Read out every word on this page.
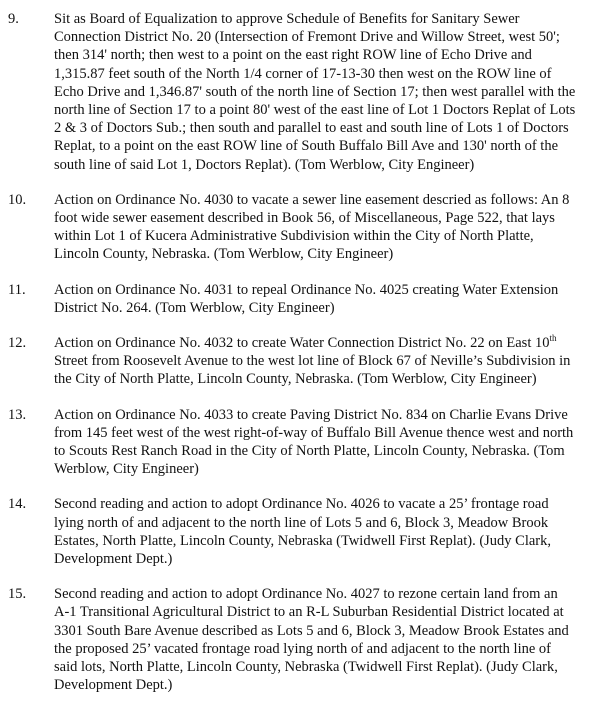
9.	Sit as Board of Equalization to approve Schedule of Benefits for Sanitary Sewer
Connection District No. 20 (Intersection of Fremont Drive and Willow Street, west 50';
then 314' north; then west to a point on the east right ROW line of Echo Drive and
1,315.87 feet south of the North 1/4 corner of 17-13-30 then west on the ROW line of
Echo Drive and 1,346.87' south of the north line of Section 17; then west parallel with the
north line of Section 17 to a point 80' west of the east line of Lot 1 Doctors Replat of Lots
2 & 3 of Doctors Sub.; then south and parallel to east and south line of Lots 1 of Doctors
Replat, to a point on the east ROW line of South Buffalo Bill Ave and 130' north of the
south line of said Lot 1, Doctors Replat). (Tom Werblow, City Engineer)
10.	Action on Ordinance No. 4030 to vacate a sewer line easement descried as follows: An 8
foot wide sewer easement described in Book 56, of Miscellaneous, Page 522, that lays
within Lot 1 of Kucera Administrative Subdivision within the City of North Platte,
Lincoln County, Nebraska. (Tom Werblow, City Engineer)
11.	Action on Ordinance No. 4031 to repeal Ordinance No. 4025 creating Water Extension
District No. 264. (Tom Werblow, City Engineer)
12.	Action on Ordinance No. 4032 to create Water Connection District No. 22 on East 10th
Street from Roosevelt Avenue to the west lot line of Block 67 of Neville’s Subdivision in
the City of North Platte, Lincoln County, Nebraska. (Tom Werblow, City Engineer)
13.	Action on Ordinance No. 4033 to create Paving District No. 834 on Charlie Evans Drive
from 145 feet west of the west right-of-way of Buffalo Bill Avenue thence west and north
to Scouts Rest Ranch Road in the City of North Platte, Lincoln County, Nebraska. (Tom
Werblow, City Engineer)
14.	Second reading and action to adopt Ordinance No. 4026 to vacate a 25’ frontage road
lying north of and adjacent to the north line of Lots 5 and 6, Block 3, Meadow Brook
Estates, North Platte, Lincoln County, Nebraska (Twidwell First Replat). (Judy Clark,
Development Dept.)
15.	Second reading and action to adopt Ordinance No. 4027 to rezone certain land from an
A-1 Transitional Agricultural District to an R-L Suburban Residential District located at
3301 South Bare Avenue described as Lots 5 and 6, Block 3, Meadow Brook Estates and
the proposed 25’ vacated frontage road lying north of and adjacent to the north line of
said lots, North Platte, Lincoln County, Nebraska (Twidwell First Replat). (Judy Clark,
Development Dept.)
